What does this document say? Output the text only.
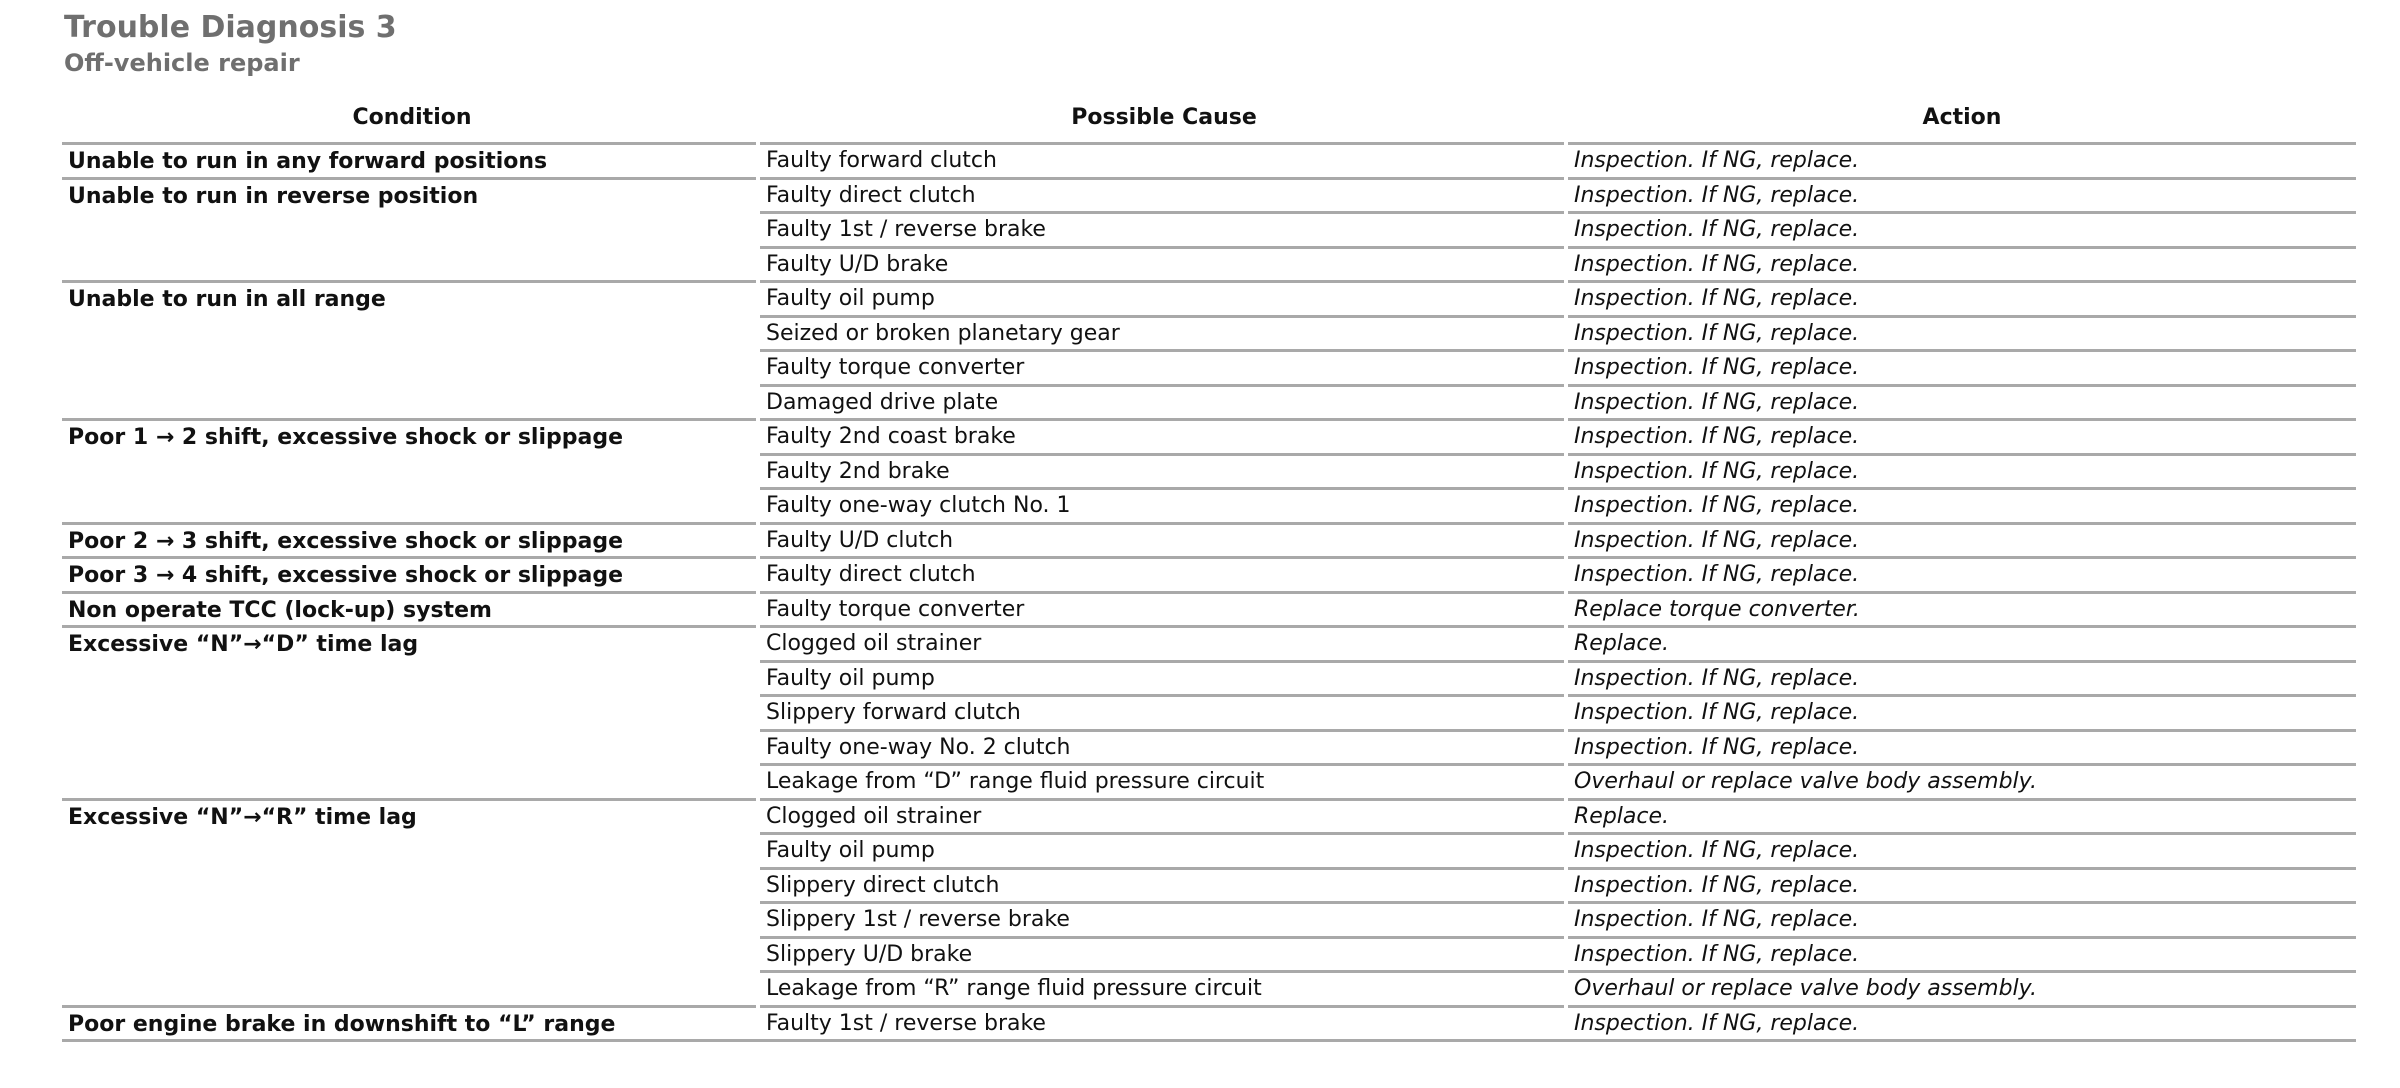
Trouble Diagnosis 3
Off-vehicle repair
Condition	Possible Cause	Action
Unable to run in any forward positions	Faulty forward clutch	Inspection. If NG, replace.
Unable to run in reverse position	Faulty direct clutch	Inspection. If NG, replace.
Faulty 1st / reverse brake	Inspection. If NG, replace.
Faulty U/D brake	Inspection. If NG, replace.
Unable to run in all range	Faulty oil pump	Inspection. If NG, replace.
Seized or broken planetary gear	Inspection. If NG, replace.
Faulty torque converter	Inspection. If NG, replace.
Damaged drive plate	Inspection. If NG, replace.
Poor 1 → 2 shift, excessive shock or slippage	Faulty 2nd coast brake	Inspection. If NG, replace.
Faulty 2nd brake	Inspection. If NG, replace.
Faulty one-way clutch No. 1	Inspection. If NG, replace.
Poor 2 → 3 shift, excessive shock or slippage	Faulty U/D clutch	Inspection. If NG, replace.
Poor 3 → 4 shift, excessive shock or slippage	Faulty direct clutch	Inspection. If NG, replace.
Non operate TCC (lock-up) system	Faulty torque converter	Replace torque converter.
Excessive “N”→“D” time lag	Clogged oil strainer	Replace.
Faulty oil pump	Inspection. If NG, replace.
Slippery forward clutch	Inspection. If NG, replace.
Faulty one-way No. 2 clutch	Inspection. If NG, replace.
Leakage from “D” range fluid pressure circuit	Overhaul or replace valve body assembly.
Excessive “N”→“R” time lag	Clogged oil strainer	Replace.
Faulty oil pump	Inspection. If NG, replace.
Slippery direct clutch	Inspection. If NG, replace.
Slippery 1st / reverse brake	Inspection. If NG, replace.
Slippery U/D brake	Inspection. If NG, replace.
Leakage from “R” range fluid pressure circuit	Overhaul or replace valve body assembly.
Poor engine brake in downshift to “L” range	Faulty 1st / reverse brake	Inspection. If NG, replace.
